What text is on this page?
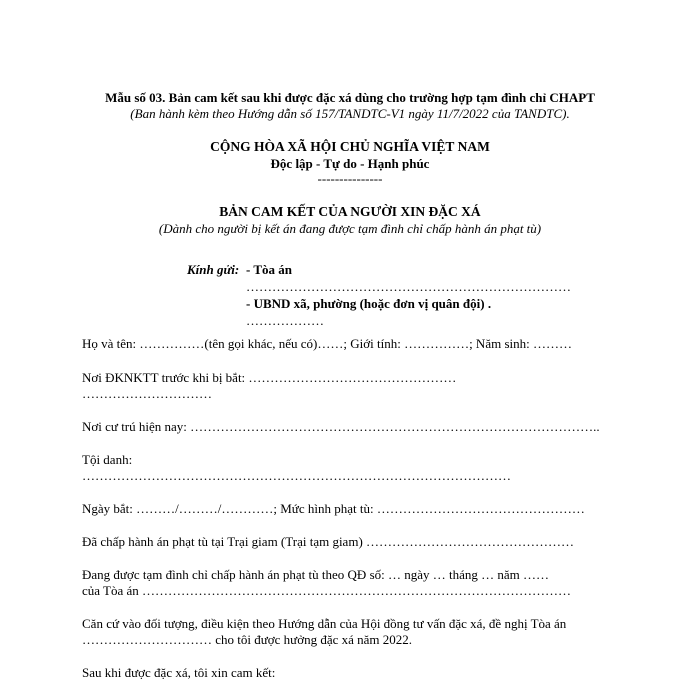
Mẫu số 03. Bản cam kết sau khi được đặc xá dùng cho trường hợp tạm đình chỉ CHAPT
(Ban hành kèm theo Hướng dẫn số 157/TANDTC-V1 ngày 11/7/2022 của TANDTC).
CỘNG HÒA XÃ HỘI CHỦ NGHĨA VIỆT NAM
Độc lập - Tự do - Hạnh phúc
---------------
BẢN CAM KẾT CỦA NGƯỜI XIN ĐẶC XÁ
(Dành cho người bị kết án đang được tạm đình chỉ chấp hành án phạt tù)
Kính gửi: - Tòa án
…………………………………………………………………
- UBND xã, phường (hoặc đơn vị quân đội) .
………………
Họ và tên: ……………(tên gọi khác, nếu có)……; Giới tính: ……………; Năm sinh: ………
Nơi ĐKNKTT trước khi bị bắt: …………………………………………
…………………………
Nơi cư trú hiện nay: …………………………………………………………………………………..
Tội danh:
………………………………………………………………………………………
Ngày bắt: ………/………/…………; Mức hình phạt tù: …………………………………………
Đã chấp hành án phạt tù tại Trại giam (Trại tạm giam) …………………………………………
Đang được tạm đình chỉ chấp hành án phạt tù theo QĐ số: … ngày … tháng … năm ……
của Tòa án ………………………………………………………………………………………
Căn cứ vào đối tượng, điều kiện theo Hướng dẫn của Hội đồng tư vấn đặc xá, đề nghị Tòa án
………………………… cho tôi được hưởng đặc xá năm 2022.
Sau khi được đặc xá, tôi xin cam kết:
